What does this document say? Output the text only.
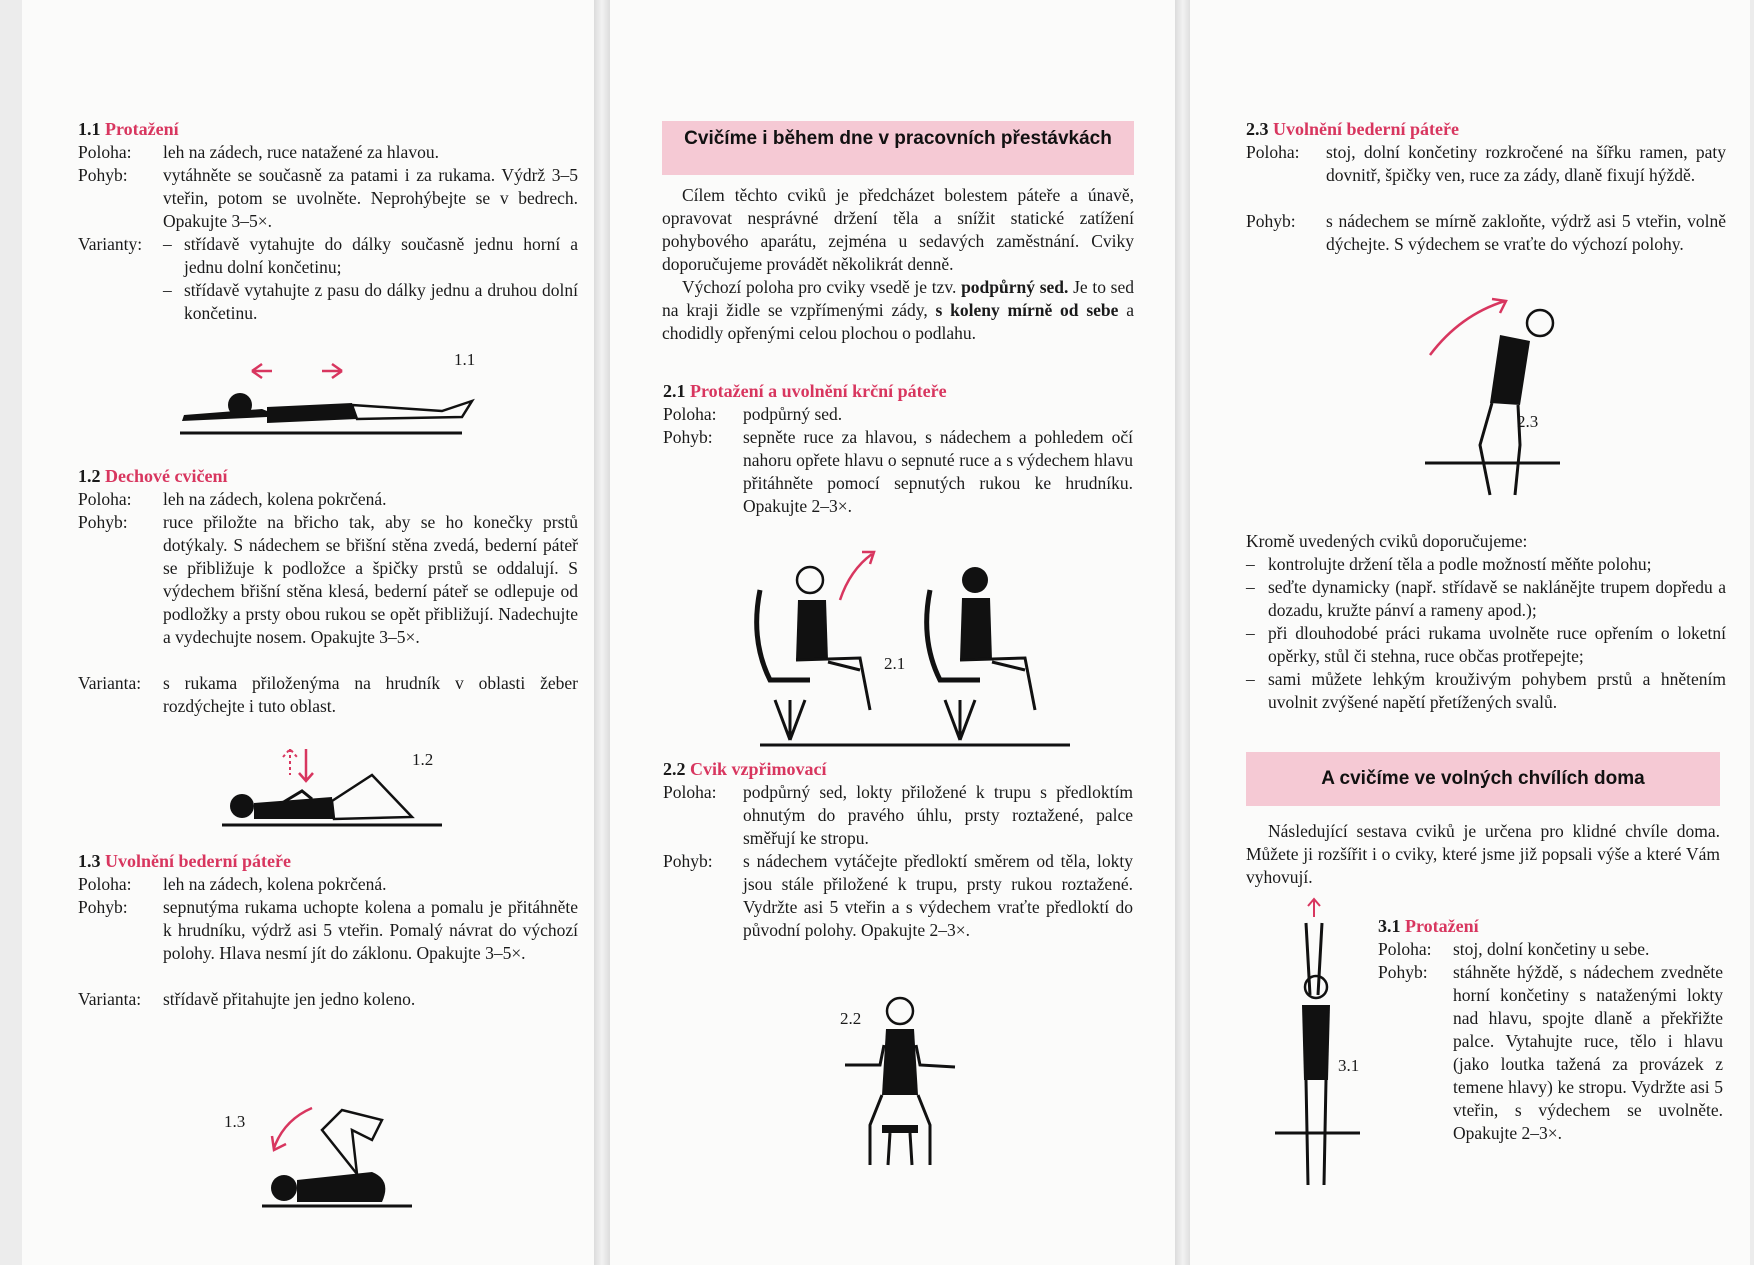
1.1 Protažení
Poloha: leh na zádech, ruce natažené za hlavou.
Pohyb: vytáhněte se současně za patami i za rukama. Výdrž 3–5 vteřin, potom se uvolněte. Neprohýbejte se v bedrech. Opakujte 3–5×.
Varianty: – střídavě vytahujte do dálky současně jednu horní a jednu dolní končetinu;
– střídavě vytahujte z pasu do dálky jednu a druhou dolní končetinu.
1.1
1.2 Dechové cvičení
Poloha: leh na zádech, kolena pokrčená.
Pohyb: ruce přiložte na břicho tak, aby se ho konečky prstů dotýkaly. S nádechem se břišní stěna zvedá, bederní páteř se přibližuje k podložce a špičky prstů se oddalují. S výdechem břišní stěna klesá, bederní páteř se odlepuje od podložky a prsty obou rukou se opět přibližují. Nadechujte a vydechujte nosem. Opakujte 3–5×.
Varianta: s rukama přiloženýma na hrudník v oblasti žeber rozdýchejte i tuto oblast.
1.2
1.3 Uvolnění bederní páteře
Poloha: leh na zádech, kolena pokrčená.
Pohyb: sepnutýma rukama uchopte kolena a pomalu je přitáhněte k hrudníku, výdrž asi 5 vteřin. Pomalý návrat do výchozí polohy. Hlava nesmí jít do záklonu. Opakujte 3–5×.
Varianta: střídavě přitahujte jen jedno koleno.
1.3
Cvičíme i během dne v pracovních přestávkách
Cílem těchto cviků je předcházet bolestem páteře a únavě, opravovat nesprávné držení těla a snížit statické zatížení pohybového aparátu, zejména u sedavých zaměstnání. Cviky doporučujeme provádět několikrát denně.
Výchozí poloha pro cviky vsedě je tzv. podpůrný sed. Je to sed na kraji židle se vzpřímenými zády, s koleny mírně od sebe a chodidly opřenými celou plochou o podlahu.
2.1 Protažení a uvolnění krční páteře
Poloha: podpůrný sed.
Pohyb: sepněte ruce za hlavou, s nádechem a pohledem očí nahoru opřete hlavu o sepnuté ruce a s výdechem hlavu přitáhněte pomocí sepnutých rukou ke hrudníku. Opakujte 2–3×.
2.1
2.2 Cvik vzpřimovací
Poloha: podpůrný sed, lokty přiložené k trupu s předloktím ohnutým do pravého úhlu, prsty roztažené, palce směřují ke stropu.
Pohyb: s nádechem vytáčejte předloktí směrem od těla, lokty jsou stále přiložené k trupu, prsty rukou roztažené. Vydržte asi 5 vteřin a s výdechem vraťte předloktí do původní polohy. Opakujte 2–3×.
2.2
2.3 Uvolnění bederní páteře
Poloha: stoj, dolní končetiny rozkročené na šířku ramen, paty dovnitř, špičky ven, ruce za zády, dlaně fixují hýždě.
Pohyb: s nádechem se mírně zakloňte, výdrž asi 5 vteřin, volně dýchejte. S výdechem se vraťte do výchozí polohy.
2.3
Kromě uvedených cviků doporučujeme:
– kontrolujte držení těla a podle možností měňte polohu;
– seďte dynamicky (např. střídavě se naklánějte trupem dopředu a dozadu, kružte pánví a rameny apod.);
– při dlouhodobé práci rukama uvolněte ruce opřením o loketní opěrky, stůl či stehna, ruce občas protřepejte;
– sami můžete lehkým krouživým pohybem prstů a hnětením uvolnit zvýšené napětí přetížených svalů.
A cvičíme ve volných chvílích doma
Následující sestava cviků je určena pro klidné chvíle doma. Můžete ji rozšířit i o cviky, které jsme již popsali výše a které Vám vyhovují.
3.1 Protažení
Poloha: stoj, dolní končetiny u sebe.
Pohyb: stáhněte hýždě, s nádechem zvedněte horní končetiny s nataženými lokty nad hlavu, spojte dlaně a překřižte palce. Vytahujte ruce, tělo i hlavu (jako loutka tažená za provázek z temene hlavy) ke stropu. Vydržte asi 5 vteřin, s výdechem se uvolněte. Opakujte 2–3×.
3.1
